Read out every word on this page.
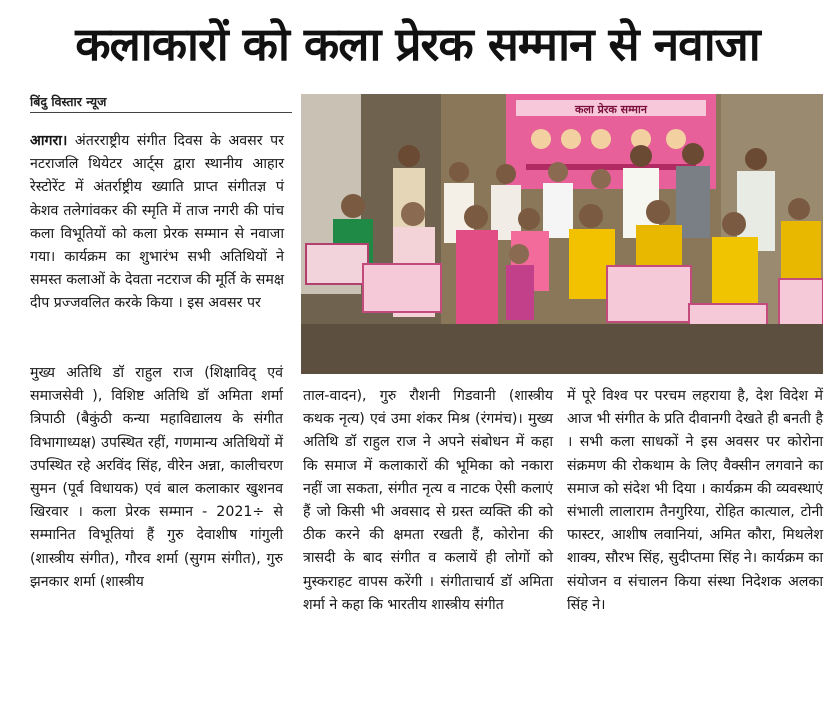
कलाकारों को कला प्रेरक सम्मान से नवाजा
बिंदु विस्तार न्यूज
कला प्रेरक सम्मान

आगरा। अंतरराष्ट्रीय संगीत दिवस के अवसर पर नटराजलि थियेटर आर्ट्स द्वारा स्थानीय आहार रेस्टोरेंट में अंतर्राष्ट्रीय ख्याति प्राप्त संगीतज्ञ पं केशव तलेगांवकर की स्मृति में ताज नगरी की पांच कला विभूतियों को कला प्रेरक सम्मान से नवाजा गया। कार्यक्रम का शुभारंभ सभी अतिथियों ने समस्त कलाओं के देवता नटराज की मूर्ति के समक्ष दीप प्रज्जवलित करके किया । इस अवसर पर

मुख्य अतिथि डॉ राहुल राज (शिक्षाविद् एवं समाजसेवी ), विशिष्ट अतिथि डॉ अमिता शर्मा त्रिपाठी (बैकुंठी कन्या महाविद्यालय के संगीत विभागाध्यक्ष) उपस्थित रहीं, गणमान्य अतिथियों में उपस्थित रहे अरविंद सिंह, वीरेन अन्ना, कालीचरण सुमन (पूर्व विधायक) एवं बाल कलाकार खुशनव खिरवार । कला प्रेरक सम्मान - 2021÷ से सम्मानित विभूतियां हैं गुरु देवाशीष गांगुली (शास्त्रीय संगीत), गौरव शर्मा (सुगम संगीत), गुरु झनकार शर्मा (शास्त्रीय

ताल-वादन), गुरु रौशनी गिडवानी (शास्त्रीय कथक नृत्य) एवं उमा शंकर मिश्र (रंगमंच)। मुख्य अतिथि डॉ राहुल राज ने अपने संबोधन में कहा कि समाज में कलाकारों की भूमिका को नकारा नहीं जा सकता, संगीत नृत्य व नाटक ऐसी कलाएं हैं जो किसी भी अवसाद से ग्रस्त व्यक्ति की को ठीक करने की क्षमता रखती हैं, कोरोना की त्रासदी के बाद संगीत व कलायें ही लोगों को मुस्कराहट वापस करेंगी । संगीताचार्य डॉ अमिता शर्मा ने कहा कि भारतीय शास्त्रीय संगीत

में पूरे विश्व पर परचम लहराया है, देश विदेश में आज भी संगीत के प्रति दीवानगी देखते ही बनती है । सभी कला साधकों ने इस अवसर पर कोरोना संक्रमण की रोकथाम के लिए वैक्सीन लगवाने का समाज को संदेश भी दिया । कार्यक्रम की व्यवस्थाएं संभाली लालाराम तैनगुरिया, रोहित कात्याल, टोनी फास्टर, आशीष लवानियां, अमित कौरा, मिथलेश शाक्य, सौरभ सिंह, सुदीप्तमा सिंह ने। कार्यक्रम का संयोजन व संचालन किया संस्था निदेशक अलका सिंह ने।
